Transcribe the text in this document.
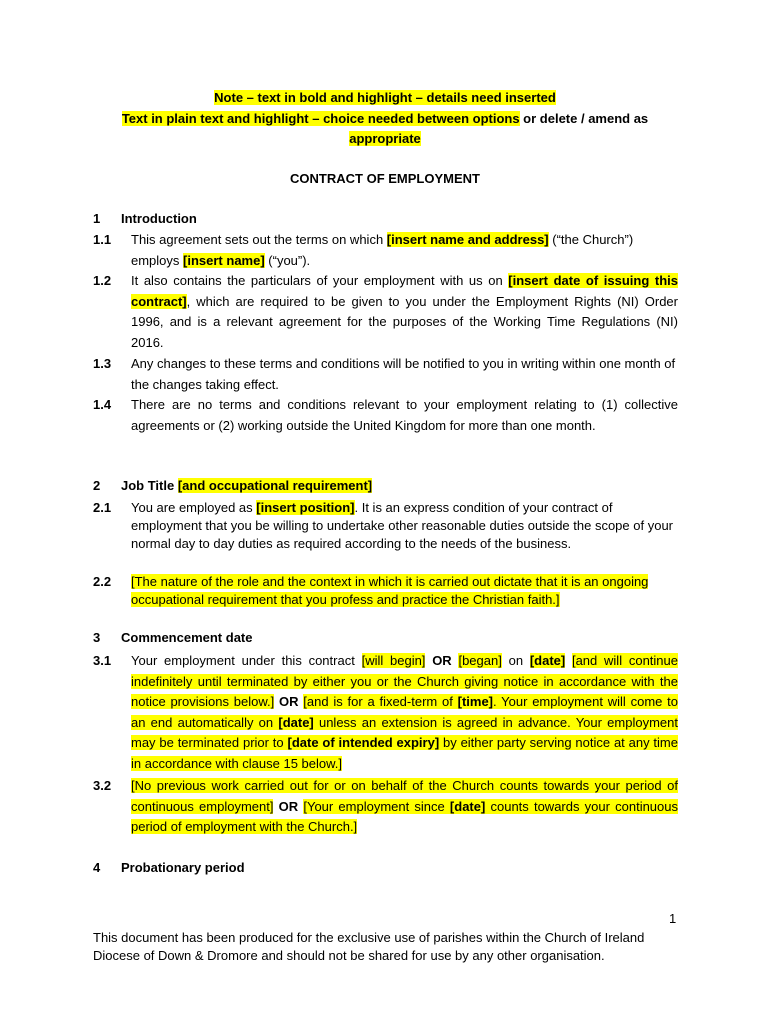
Note – text in bold and highlight – details need inserted
Text in plain text and highlight – choice needed between options or delete / amend as
appropriate
CONTRACT OF EMPLOYMENT
1 Introduction
1.1 This agreement sets out the terms on which [insert name and address] (“the Church”) employs [insert name] (“you”).
1.2 It also contains the particulars of your employment with us on [insert date of issuing this contract], which are required to be given to you under the Employment Rights (NI) Order 1996, and is a relevant agreement for the purposes of the Working Time Regulations (NI) 2016.
1.3 Any changes to these terms and conditions will be notified to you in writing within one month of the changes taking effect.
1.4 There are no terms and conditions relevant to your employment relating to (1) collective agreements or (2) working outside the United Kingdom for more than one month.
2 Job Title [and occupational requirement]
2.1 You are employed as [insert position]. It is an express condition of your contract of employment that you be willing to undertake other reasonable duties outside the scope of your normal day to day duties as required according to the needs of the business.
2.2 [The nature of the role and the context in which it is carried out dictate that it is an ongoing occupational requirement that you profess and practice the Christian faith.]
3 Commencement date
3.1 Your employment under this contract [will begin] OR [began] on [date] [and will continue indefinitely until terminated by either you or the Church giving notice in accordance with the notice provisions below.] OR [and is for a fixed-term of [time]. Your employment will come to an end automatically on [date] unless an extension is agreed in advance. Your employment may be terminated prior to [date of intended expiry] by either party serving notice at any time in accordance with clause 15 below.]
3.2 [No previous work carried out for or on behalf of the Church counts towards your period of continuous employment] OR [Your employment since [date] counts towards your continuous period of employment with the Church.]
4 Probationary period
1
This document has been produced for the exclusive use of parishes within the Church of Ireland Diocese of Down & Dromore and should not be shared for use by any other organisation.
